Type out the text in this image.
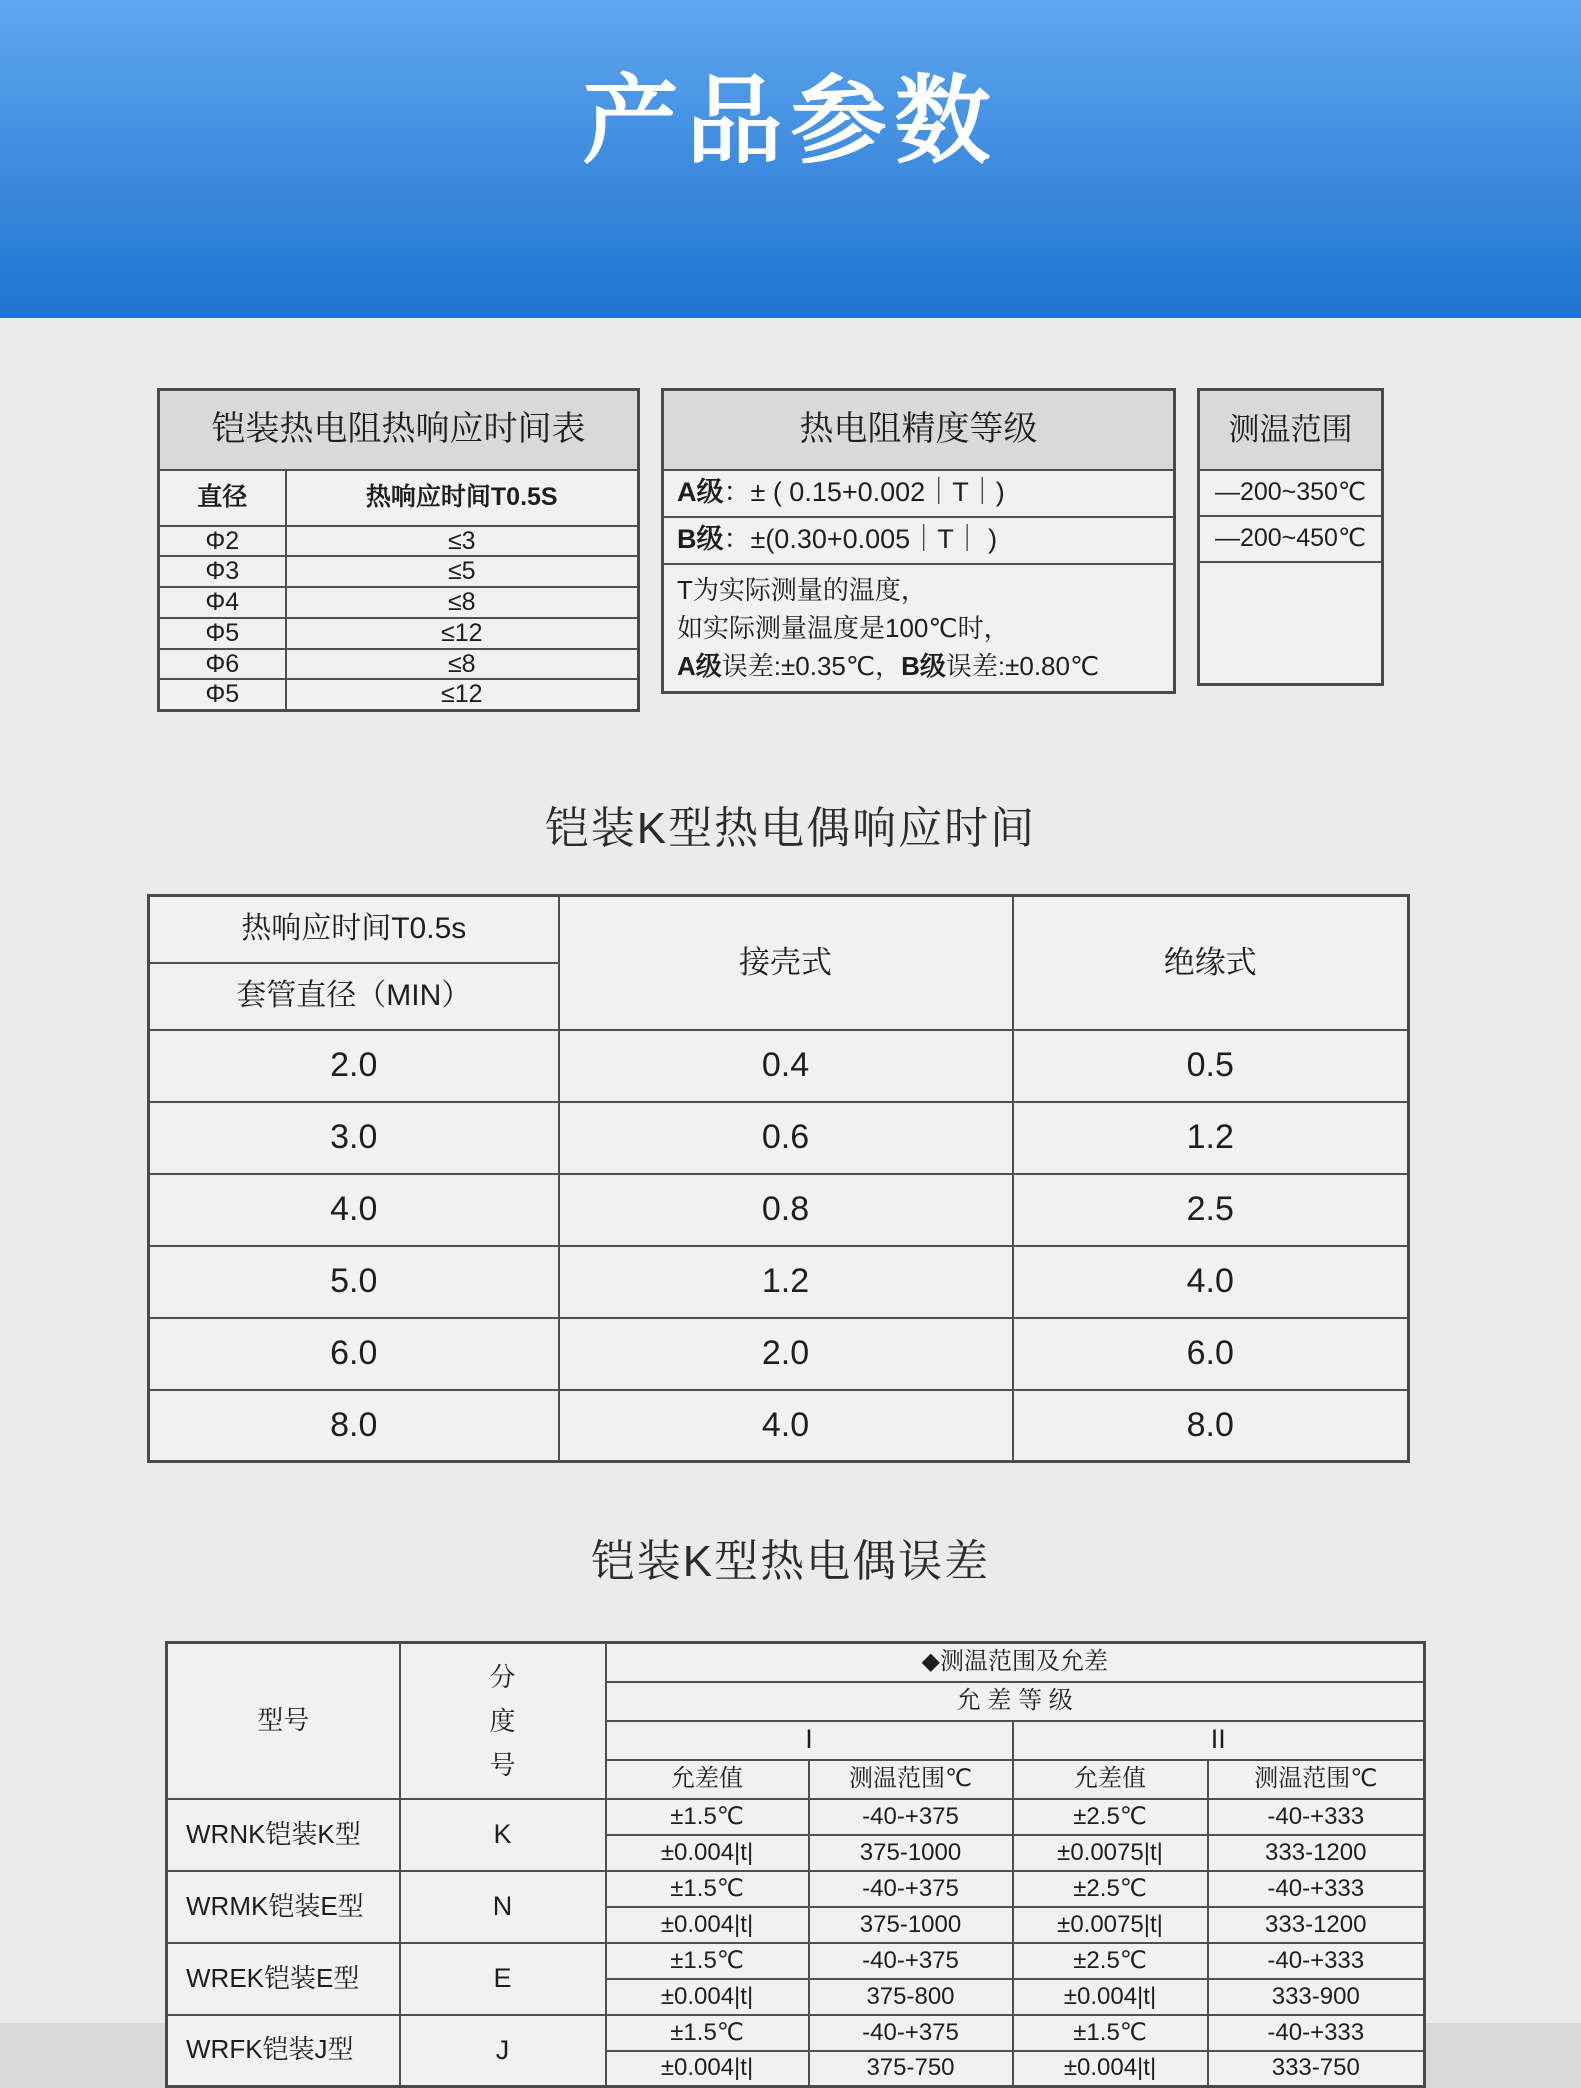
产品参数
铠装热电阻热响应时间表	
直径	热响应时间T0.5S
Φ2	≤3
Φ3	≤5
Φ4	≤8
Φ5	≤12
Φ6	≤8
Φ5	≤12
热电阻精度等级
A级：± ( 0.15+0.002｜T｜)
B级：±(0.30+0.005｜T｜ )

T为实际测量的温度，
如实际测量温度是100℃时，
A级误差:±0.35℃，B级误差:±0.80℃
测温范围
—200~350℃
—200~450℃

铠装K型热电偶响应时间
热响应时间T0.5s	接壳式	绝缘式
套管直径（MIN）		
2.0	0.4	0.5
3.0	0.6	1.2
4.0	0.8	2.5
5.0	1.2	4.0
6.0	2.0	6.0
8.0	4.0	8.0
铠装K型热电偶误差
型号	分度号	◆测温范围及允差			
		允 差 等 级			
		I		II	
		允差值	测温范围℃	允差值	测温范围℃
WRNK铠装K型	K	±1.5℃	-40-+375	±2.5℃	-40-+333
		±0.004|t|	375-1000	±0.0075|t|	333-1200
WRMK铠装E型	N	±1.5℃	-40-+375	±2.5℃	-40-+333
		±0.004|t|	375-1000	±0.0075|t|	333-1200
WREK铠装E型	E	±1.5℃	-40-+375	±2.5℃	-40-+333
		±0.004|t|	375-800	±0.004|t|	333-900
WRFK铠装J型	J	±1.5℃	-40-+375	±1.5℃	-40-+333
		±0.004|t|	375-750	±0.004|t|	333-750
